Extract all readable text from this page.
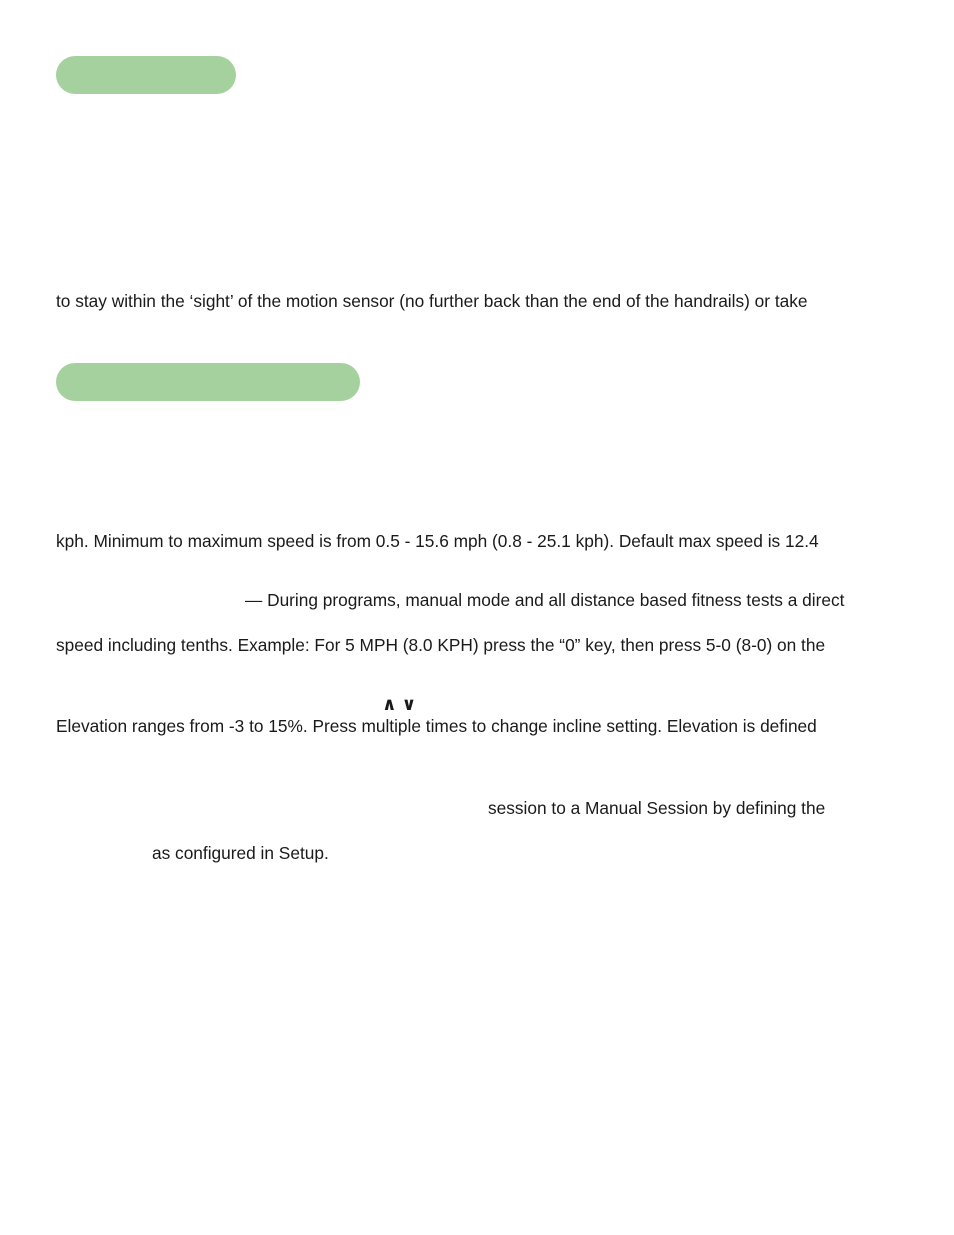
to stay within the ‘sight’ of the motion sensor (no further back than the end of the handrails) or take
kph. Minimum to maximum speed is from 0.5 - 15.6 mph (0.8 - 25.1 kph). Default max speed is 12.4
— During programs, manual mode and all distance based fitness tests a direct
speed including tenths. Example: For 5 MPH (8.0 KPH) press the “0” key, then press 5-0 (8-0) on the
∧ ∨
Elevation ranges from -3 to 15%. Press multiple times to change incline setting. Elevation is defined
session to a Manual Session by defining the
as configured in Setup.
